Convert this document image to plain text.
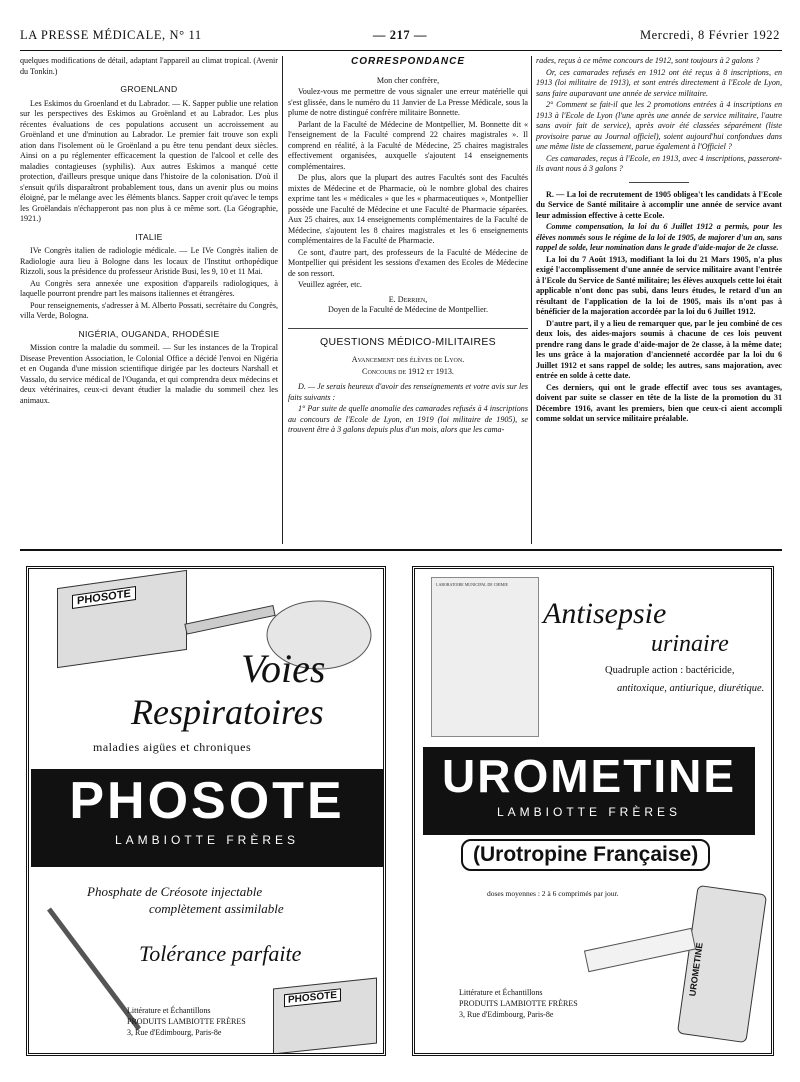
LA PRESSE MÉDICALE, N° 11	— 217 —	Mercredi, 8 Février 1922

quelques modifications de détail, adaptant l'appareil au climat tropical. (Avenir du Tonkin.)

GROENLAND

Les Eskimos du Groenland et du Labrador. — K. Sapper publie une relation sur les perspectives des Eskimos au Groënland et au Labrador. Les plus récentes évaluations de ces populations accusent un accroissement au Groënland et une d'minution au Labrador. Le premier fait trouve son expli ation dans l'isolement où le Groënland a pu être tenu pendant deux siècles. Ainsi on a pu réglementer efficacement la question de l'alcool et celle des maladies contagieuses (syphilis). Aux autres Eskimos a manqué cette protection, d'ailleurs presque unique dans l'histoire de la colonisation. D'où il s'ensuit qu'ils disparaîtront probablement tous, dans un avenir plus ou moins éloigné, par le mélange avec les éléments blancs. Sapper croit qu'avec le temps les Groëlandais n'échapperont pas non plus à ce même sort. (La Géographie, 1921.)

ITALIE

IVe Congrès italien de radiologie médicale. — Le IVe Congrès italien de Radiologie aura lieu à Bologne dans les locaux de l'Institut orthopédique Rizzoli, sous la présidence du professeur Aristide Busi, les 9, 10 et 11 Mai.

Au Congrès sera annexée une exposition d'appareils radiologiques, à laquelle pourront prendre part les maisons italiennes et étrangères.

Pour renseignements, s'adresser à M. Alberto Possati, secrétaire du Congrès, villa Verde, Bologna.

NIGÉRIA, OUGANDA, RHODÉSIE

Mission contre la maladie du sommeil. — Sur les instances de la Tropical Disease Prevention Association, le Colonial Office a décidé l'envoi en Nigéria et en Ouganda d'une mission scientifique dirigée par les docteurs Narshall et Vassalo, du service médical de l'Ouganda, et qui comprendra deux médecins et deux vétérinaires, ceux-ci devant étudier la maladie du sommeil chez les animaux.

CORRESPONDANCE

Mon cher confrère,

Voulez-vous me permettre de vous signaler une erreur matérielle qui s'est glissée, dans le numéro du 11 Janvier de La Presse Médicale, sous la plume de notre distingué confrère militaire Bonnette.

Parlant de la Faculté de Médecine de Montpellier, M. Bonnette dit « l'enseignement de la Faculté comprend 22 chaires magistrales ». Il comprend en réalité, à la Faculté de Médecine, 25 chaires magistrales effectivement organisées, auxquelle s'ajoutent 14 enseignements complémentaires.

De plus, alors que la plupart des autres Facultés sont des Facultés mixtes de Médecine et de Pharmacie, où le nombre global des chaires exprime tant les « médicales » que les « pharmaceutiques », Montpellier possède une Faculté de Médecine et une Faculté de Pharmacie séparées. Aux 25 chaires, aux 14 enseignements complémentaires de la Faculté de Médecine, s'ajoutent les 8 chaires magistrales et les 6 enseignements complémentaires de la Faculté de Pharmacie.

Ce sont, d'autre part, des professeurs de la Faculté de Médecine de Montpellier qui président les sessions d'examen des Ecoles de Médecine de son ressort.

Veuillez agréer, etc.

E. Derrien,
Doyen de la Faculté de Médecine de Montpellier.
QUESTIONS MÉDICO-MILITAIRES

Avancement des élèves de Lyon.

Concours de 1912 et 1913.

D. — Je serais heureux d'avoir des renseignements et votre avis sur les faits suivants :

1° Par suite de quelle anomalie des camarades refusés à 4 inscriptions au concours de l'Ecole de Lyon, en 1919 (loi militaire de 1905), se trouvent être à 3 galons depuis plus d'un mois, alors que les cama-

rades, reçus à ce même concours de 1912, sont toujours à 2 galons ?

Or, ces camarades refusés en 1912 ont été reçus à 8 inscriptions, en 1913 (loi militaire de 1913), et sont entrés directement à l'Ecole de Lyon, sans faire auparavant une année de service militaire.

2° Comment se fait-il que les 2 promotions entrées à 4 inscriptions en 1913 à l'Ecole de Lyon (l'une après une année de service militaire, l'autre sans avoir fait de service), après avoir été classées séparément (liste provisoire parue au Journal officiel), soient aujourd'hui confondues dans une même liste de classement, parue également à l'Officiel ?

Ces camarades, reçus à l'Ecole, en 1913, avec 4 inscriptions, passeront-ils avant nous à 3 galons ?

R. — La loi de recrutement de 1905 obligea't les candidats à l'Ecole du Service de Santé militaire à accomplir une année de service avant leur admission effective à cette Ecole.

Comme compensation, la loi du 6 Juillet 1912 a permis, pour les élèves nommés sous le régime de la loi de 1905, de majorer d'un an, sans rappel de solde, leur nomination dans le grade d'aide-major de 2e classe.

La loi du 7 Août 1913, modifiant la loi du 21 Mars 1905, n'a plus exigé l'accomplissement d'une année de service militaire avant l'entrée à l'Ecole du Service de Santé militaire; les élèves auxquels cette loi était applicable n'ont donc pas subi, dans leurs études, le retard d'un an résultant de l'application de la loi de 1905, mais ils n'ont pas à bénéficier de la majoration accordée par la loi du 6 Juillet 1912.

D'autre part, il y a lieu de remarquer que, par le jeu combiné de ces deux lois, des aides-majors soumis à chacune de ces lois peuvent prendre rang dans le grade d'aide-major de 2e classe, à la même date; les uns grâce à la majoration d'ancienneté accordée par la loi du 6 Juillet 1912 et sans rappel de solde; les autres, sans majoration, avec entrée en solde à cette date.

Ces derniers, qui ont le grade effectif avec tous ses avantages, doivent par suite se classer en tête de la liste de la promotion du 31 Décembre 1916, avant les premiers, bien que ceux-ci aient accompli comme soldat un service militaire préalable.

PHOSOTE
Voies
Respiratoires
maladies aigües et chroniques
PHOSOTE
LAMBIOTTE FRÈRES
Phosphate de Créosote injectable
complètement assimilable
Tolérance parfaite
Littérature et Échantillons
PRODUITS LAMBIOTTE FRÈRES
3, Rue d'Edimbourg, Paris-8e
PHOSOTE
LABORATOIRE MUNICIPAL DE CHIMIE
Antisepsie
urinaire
Quadruple action : bactéricide,
antitoxique, antiurique, diurétique.
UROMETINE
LAMBIOTTE FRÈRES
(Urotropine Française)
doses moyennes : 2 à 6 comprimés par jour.
UROMETINE
Littérature et Échantillons
PRODUITS LAMBIOTTE FRÈRES
3, Rue d'Edimbourg, Paris-8e
